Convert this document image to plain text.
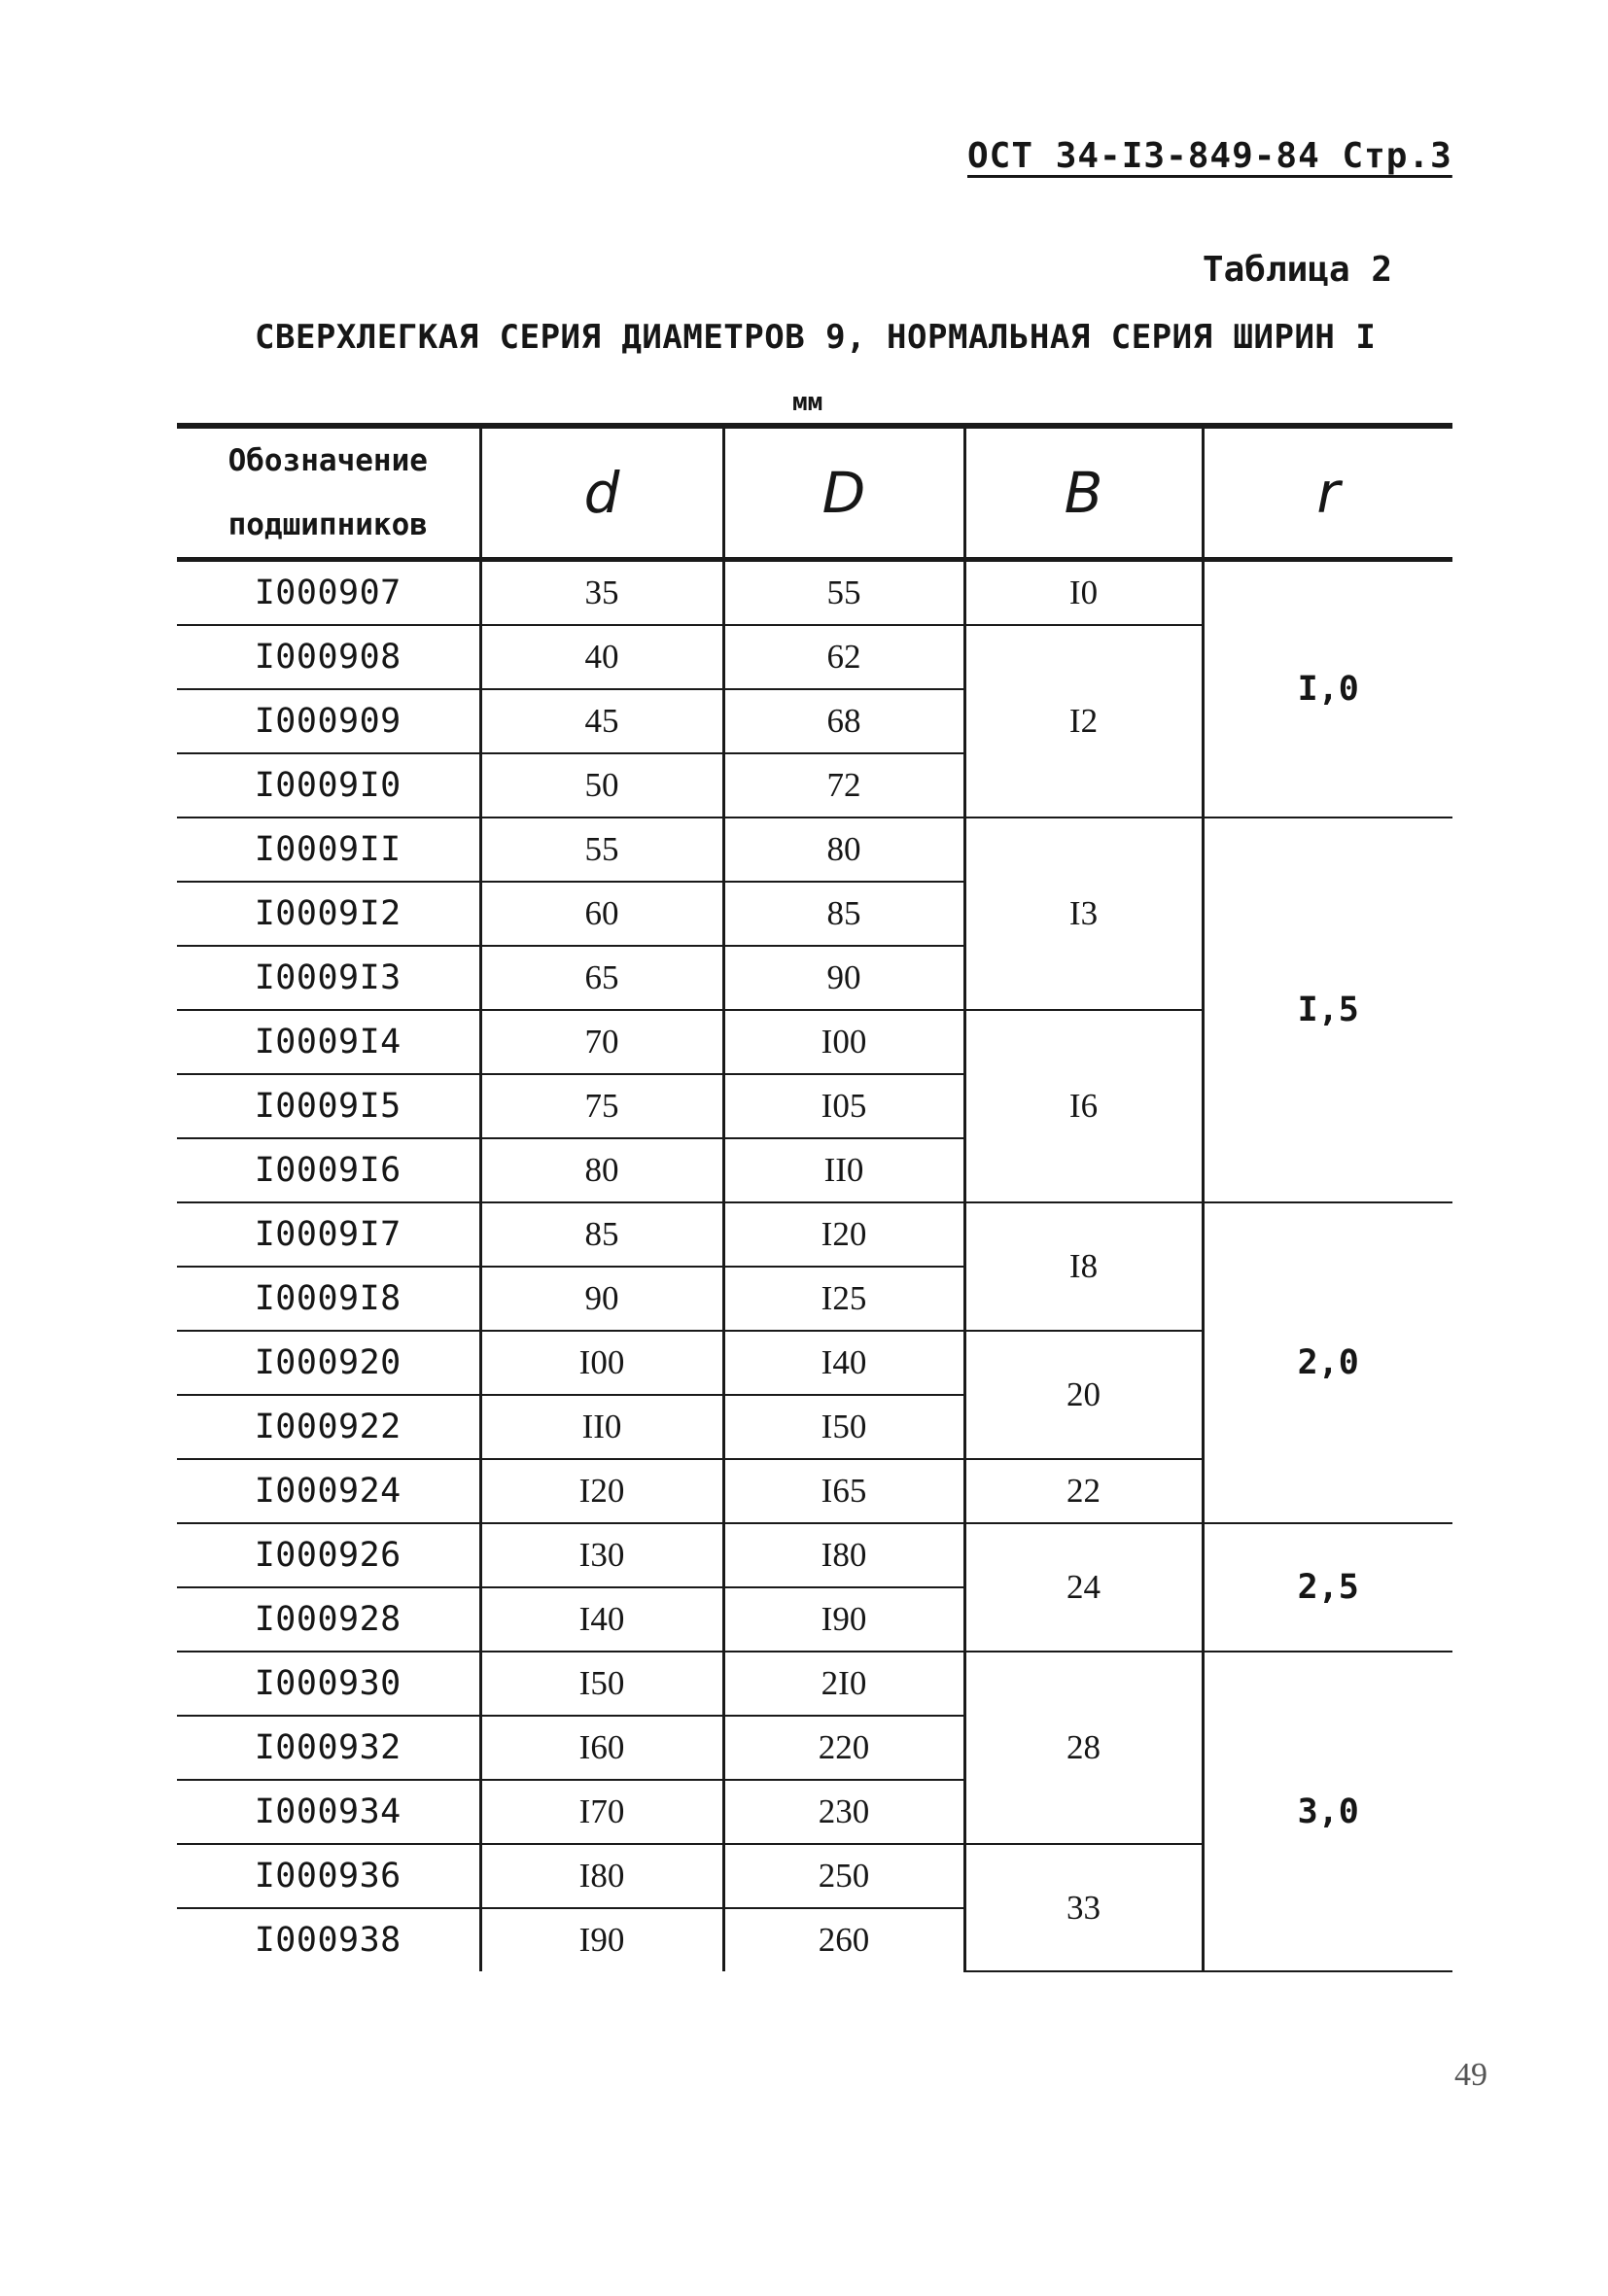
ОСТ 34-I3-849-84 Стр.3
Таблица 2
СВЕРХЛЕГКАЯ СЕРИЯ ДИАМЕТРОВ 9, НОРМАЛЬНАЯ СЕРИЯ ШИРИН I
мм
Обозначение
подшипников	d	D	B	r
I000907	35	55	I0	I,0
I000908	40	62	I2	
I000909	45	68		
I0009I0	50	72		
I0009II	55	80	I3	I,5
I0009I2	60	85		
I0009I3	65	90		
I0009I4	70	I00	I6	
I0009I5	75	I05		
I0009I6	80	II0		
I0009I7	85	I20	I8	2,0
I0009I8	90	I25		
I000920	I00	I40	20	
I000922	II0	I50		
I000924	I20	I65	22	
I000926	I30	I80	24	2,5
I000928	I40	I90		
I000930	I50	2I0	28	3,0
I000932	I60	220		
I000934	I70	230		
I000936	I80	250	33	
I000938	I90	260		
49
